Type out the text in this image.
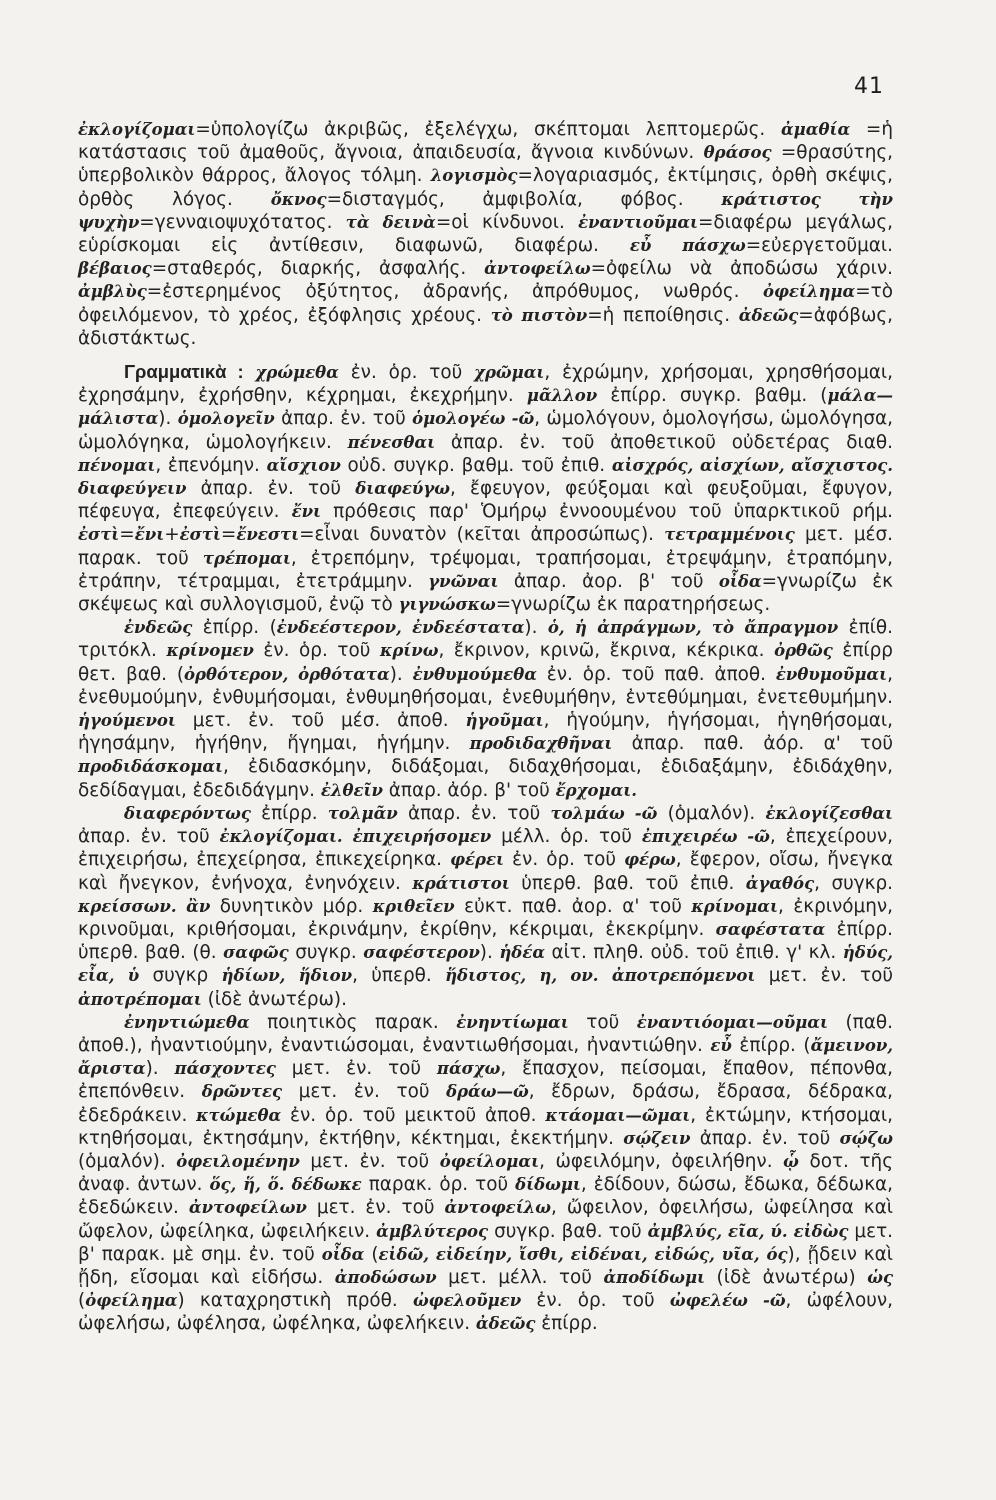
41

ἐκλογίζομαι=ὑπολογίζω ἀκριβῶς, ἐξελέγχω, σκέπτομαι λεπτομερῶς. ἀμαθία =ἡ κατάστασις τοῦ ἀμαθοῦς, ἄγνοια, ἀπαιδευσία, ἄγνοια κινδύνων. θράσος =θρασύτης, ὑπερβολικὸν θάρρος, ἄλογος τόλμη. λογισμὸς=λογαριασμός, ἐκτίμησις, ὀρθὴ σκέψις, ὀρθὸς λόγος. ὄκνος=δισταγμός, ἀμφιβολία, φόβος. κράτιστος τὴν ψυχὴν=γενναιοψυχότατος. τὰ δεινὰ=οἱ κίνδυνοι. ἐναντιοῦμαι=διαφέρω μεγάλως, εὑρίσκομαι εἰς ἀντίθεσιν, διαφωνῶ, διαφέρω. εὖ πάσχω=εὐεργετοῦμαι. βέβαιος=σταθερός, διαρκής, ἀσφαλής. ἀντοφείλω=ὀφείλω νὰ ἀποδώσω χάριν. ἀμβλὺς=ἐστερημένος ὀξύτητος, ἀδρανής, ἀπρόθυμος, νωθρός. ὀφείλημα=τὸ ὀφειλόμενον, τὸ χρέος, ἐξόφλησις χρέους. τὸ πιστὸν=ἡ πεποίθησις. ἀδεῶς=ἀφόβως, ἀδιστάκτως.

Γραμματικὰ : χρώμεθα ἐν. ὁρ. τοῦ χρῶμαι, ἐχρώμην, χρήσομαι, χρησθήσομαι, ἐχρησάμην, ἐχρήσθην, κέχρημαι, ἐκεχρήμην. μᾶλλον ἐπίρρ. συγκρ. βαθμ. (μάλα—μάλιστα). ὁμολογεῖν ἀπαρ. ἐν. τοῦ ὁμολογέω -ῶ, ὡμολόγουν, ὁμολογήσω, ὡμολόγησα, ὡμολόγηκα, ὡμολογήκειν. πένεσθαι ἀπαρ. ἐν. τοῦ ἀποθετικοῦ οὐδετέρας διαθ. πένομαι, ἐπενόμην. αἴσχιον οὐδ. συγκρ. βαθμ. τοῦ ἐπιθ. αἰσχρός, αἰσχίων, αἴσχιστος. διαφεύγειν ἀπαρ. ἐν. τοῦ διαφεύγω, ἔφευγον, φεύξομαι καὶ φευξοῦμαι, ἔφυγον, πέφευγα, ἐπεφεύγειν. ἔνι πρόθεσις παρ' Ὁμήρῳ ἐννοουμένου τοῦ ὑπαρκτικοῦ ρήμ. ἐστὶ=ἔνι+ἐστὶ=ἔνεστι=εἶναι δυνατὸν (κεῖται ἀπροσώπως). τετραμμένοις μετ. μέσ. παρακ. τοῦ τρέπομαι, ἐτρεπόμην, τρέψομαι, τραπήσομαι, ἐτρεψάμην, ἐτραπόμην, ἐτράπην, τέτραμμαι, ἐτετράμμην. γνῶναι ἀπαρ. ἀορ. β' τοῦ οἶδα=γνωρίζω ἐκ σκέψεως καὶ συλλογισμοῦ, ἐνῷ τὸ γιγνώσκω=γνωρίζω ἐκ παρατηρήσεως.

ἐνδεῶς ἐπίρρ. (ἐνδεέστερον, ἐνδεέστατα). ὁ, ἡ ἀπράγμων, τὸ ἄπραγμον ἐπίθ. τριτόκλ. κρίνομεν ἐν. ὁρ. τοῦ κρίνω, ἔκρινον, κρινῶ, ἔκρινα, κέκρικα. ὀρθῶς ἐπίρρ θετ. βαθ. (ὀρθότερον, ὀρθότατα). ἐνθυμούμεθα ἐν. ὁρ. τοῦ παθ. ἀποθ. ἐνθυμοῦμαι, ἐνεθυμούμην, ἐνθυμήσομαι, ἐνθυμηθήσομαι, ἐνεθυμήθην, ἐντεθύμημαι, ἐνετεθυμήμην. ἡγούμενοι μετ. ἐν. τοῦ μέσ. ἀποθ. ἡγοῦμαι, ἡγούμην, ἡγήσομαι, ἡγηθήσομαι, ἡγησάμην, ἡγήθην, ἥγημαι, ἡγήμην. προδιδαχθῆναι ἀπαρ. παθ. ἀόρ. α' τοῦ προδιδάσκομαι, ἐδιδασκόμην, διδάξομαι, διδαχθήσομαι, ἐδιδαξάμην, ἐδιδάχθην, δεδίδαγμαι, ἐδεδιδάγμην. ἐλθεῖν ἀπαρ. ἀόρ. β' τοῦ ἔρχομαι.

διαφερόντως ἐπίρρ. τολμᾶν ἀπαρ. ἐν. τοῦ τολμάω -ῶ (ὁμαλόν). ἐκλογίζεσθαι ἀπαρ. ἐν. τοῦ ἐκλογίζομαι. ἐπιχειρήσομεν μέλλ. ὁρ. τοῦ ἐπιχειρέω -ῶ, ἐπεχείρουν, ἐπιχειρήσω, ἐπεχείρησα, ἐπικεχείρηκα. φέρει ἐν. ὁρ. τοῦ φέρω, ἔφερον, οἴσω, ἤνεγκα καὶ ἤνεγκον, ἐνήνοχα, ἐνηνόχειν. κράτιστοι ὑπερθ. βαθ. τοῦ ἐπιθ. ἀγαθός, συγκρ. κρείσσων. ἂν δυνητικὸν μόρ. κριθεῖεν εὐκτ. παθ. ἀορ. α' τοῦ κρίνομαι, ἐκρινόμην, κρινοῦμαι, κριθήσομαι, ἐκρινάμην, ἐκρίθην, κέκριμαι, ἐκεκρίμην. σαφέστατα ἐπίρρ. ὑπερθ. βαθ. (θ. σαφῶς συγκρ. σαφέστερον). ἡδέα αἰτ. πληθ. οὐδ. τοῦ ἐπιθ. γ' κλ. ἡδύς, εἶα, ὑ συγκρ ἡδίων, ἥδιον, ὑπερθ. ἥδιστος, η, ον. ἀποτρεπόμενοι μετ. ἐν. τοῦ ἀποτρέπομαι (ἰδὲ ἀνωτέρω).

ἐνηντιώμεθα ποιητικὸς παρακ. ἐνηντίωμαι τοῦ ἐναντιόομαι—οῦμαι (παθ. ἀποθ.), ἠναντιούμην, ἐναντιώσομαι, ἐναντιωθήσομαι, ἠναντιώθην. εὖ ἐπίρρ. (ἄμεινον, ἄριστα). πάσχοντες μετ. ἐν. τοῦ πάσχω, ἔπασχον, πείσομαι, ἔπαθον, πέπονθα, ἐπεπόνθειν. δρῶντες μετ. ἐν. τοῦ δράω—ῶ, ἔδρων, δράσω, ἔδρασα, δέδρακα, ἐδεδράκειν. κτώμεθα ἐν. ὁρ. τοῦ μεικτοῦ ἀποθ. κτάομαι—ῶμαι, ἐκτώμην, κτήσομαι, κτηθήσομαι, ἐκτησάμην, ἐκτήθην, κέκτημαι, ἐκεκτήμην. σῴζειν ἀπαρ. ἐν. τοῦ σῴζω (ὁμαλόν). ὀφειλομένην μετ. ἐν. τοῦ ὀφείλομαι, ὠφειλόμην, ὀφειλήθην. ᾧ δοτ. τῆς ἀναφ. ἀντων. ὅς, ἥ, ὅ. δέδωκε παρακ. ὁρ. τοῦ δίδωμι, ἐδίδουν, δώσω, ἔδωκα, δέδωκα, ἐδεδώκειν. ἀντοφείλων μετ. ἐν. τοῦ ἀντοφείλω, ὤφειλον, ὀφειλήσω, ὠφείλησα καὶ ὤφελον, ὠφείληκα, ὠφειλήκειν. ἀμβλύτερος συγκρ. βαθ. τοῦ ἀμβλύς, εῖα, ύ. εἰδὼς μετ. β' παρακ. μὲ σημ. ἐν. τοῦ οἶδα (εἰδῶ, εἰδείην, ἴσθι, εἰδέναι, εἰδώς, υῖα, ός), ᾔδειν καὶ ᾔδη, εἴσομαι καὶ εἰδήσω. ἀποδώσων μετ. μέλλ. τοῦ ἀποδίδωμι (ἰδὲ ἀνωτέρω) ὡς (ὀφείλημα) καταχρηστικὴ πρόθ. ὠφελοῦμεν ἐν. ὁρ. τοῦ ὠφελέω -ῶ, ὠφέλουν, ὠφελήσω, ὠφέλησα, ὠφέληκα, ὠφελήκειν. ἀδεῶς ἐπίρρ.
